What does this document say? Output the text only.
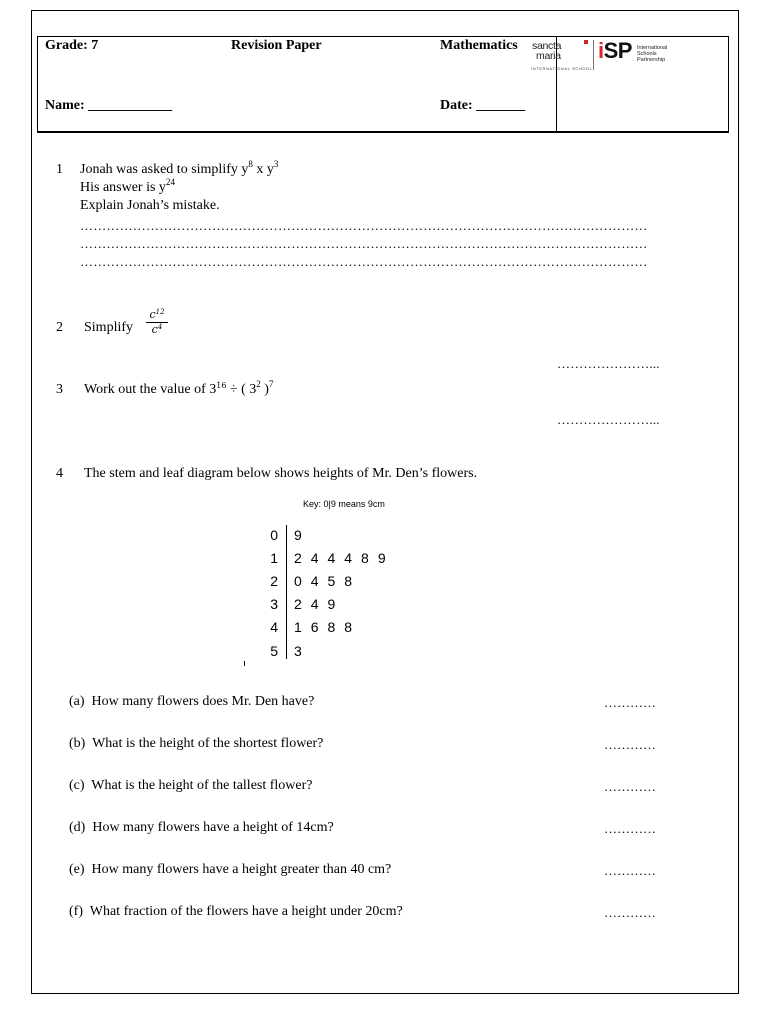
Grade: 7	Revision Paper	Mathematics
Name: ____________	Date: _______
sancta
maria
INTERNATIONAL SCHOOL
iSP International
Schools
Partnership
1 Jonah was asked to simplify $y^8$ x $y^3$
His answer is $y^{24}$
Explain Jonah’s mistake.
…………………………………………………………………………………………………………………
…………………………………………………………………………………………………………………
…………………………………………………………………………………………………………………
2 Simplify $\frac{c^{12}}{c^4}$
…………………...
3 Work out the value of $3^{16}$ ÷ ( $3^2$ )$^7$
…………………...
4 The stem and leaf diagram below shows heights of Mr. Den’s flowers.
Key: 0|9 means 9cm
0 9
1 2  4  4  4  8  9
2 0  4  5  8
3 2  4  9
4 1  6  8  8
5 3
(a) How many flowers does Mr. Den have?	…………
(b) What is the height of the shortest flower?	…………
(c) What is the height of the tallest flower?	…………
(d)  How many flowers have a height of 14cm?	…………
(e) How many flowers have a height greater than 40 cm?	…………
(f) What fraction of the flowers have a height under 20cm?	…………
